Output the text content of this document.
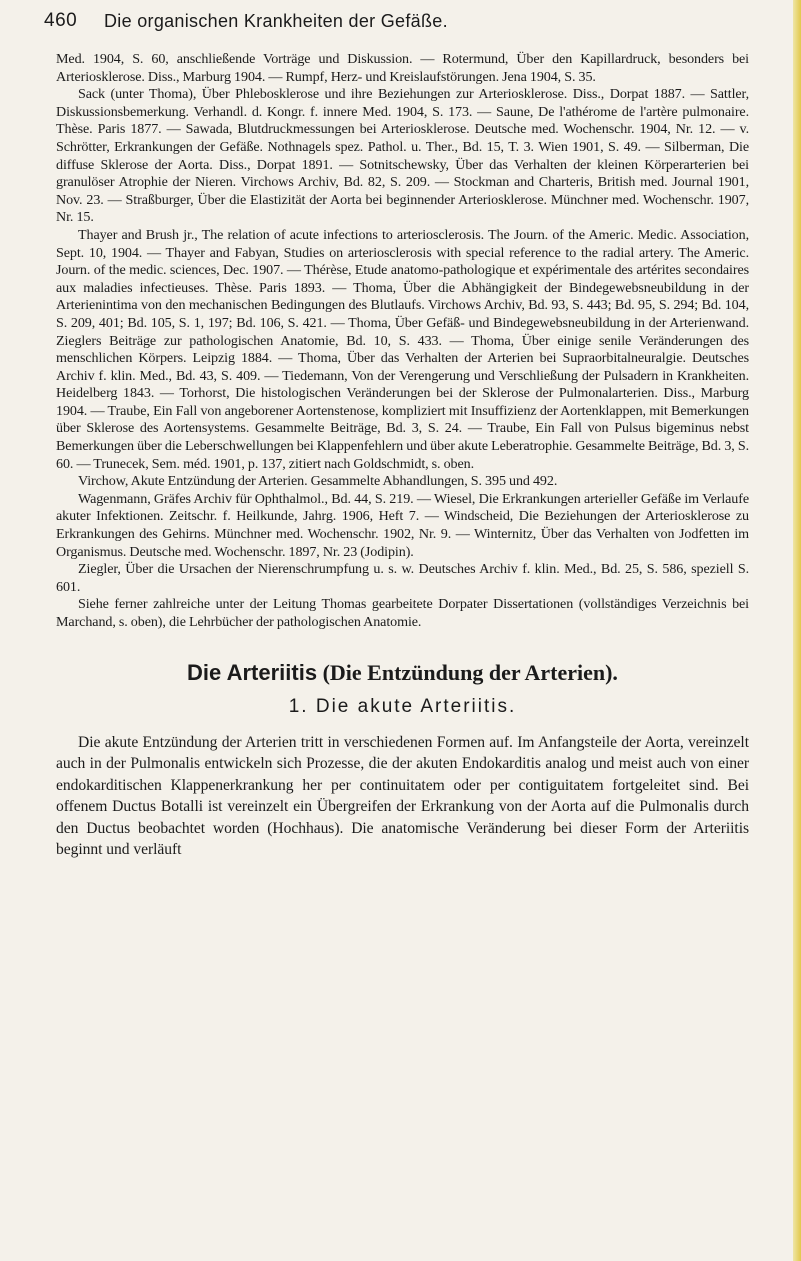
460 Die organischen Krankheiten der Gefäße.

Med. 1904, S. 60, anschließende Vorträge und Diskussion. — Rotermund, Über den Kapillardruck, besonders bei Arteriosklerose. Diss., Marburg 1904. — Rumpf, Herz- und Kreislaufstörungen. Jena 1904, S. 35.

Sack (unter Thoma), Über Phlebosklerose und ihre Beziehungen zur Arteriosklerose. Diss., Dorpat 1887. — Sattler, Diskussionsbemerkung. Verhandl. d. Kongr. f. innere Med. 1904, S. 173. — Saune, De l'athérome de l'artère pulmonaire. Thèse. Paris 1877. — Sawada, Blutdruckmessungen bei Arteriosklerose. Deutsche med. Wochenschr. 1904, Nr. 12. — v. Schrötter, Erkrankungen der Gefäße. Nothnagels spez. Pathol. u. Ther., Bd. 15, T. 3. Wien 1901, S. 49. — Silberman, Die diffuse Sklerose der Aorta. Diss., Dorpat 1891. — Sotnitschewsky, Über das Verhalten der kleinen Körperarterien bei granulöser Atrophie der Nieren. Virchows Archiv, Bd. 82, S. 209. — Stockman and Charteris, British med. Journal 1901, Nov. 23. — Straßburger, Über die Elastizität der Aorta bei beginnender Arteriosklerose. Münchner med. Wochenschr. 1907, Nr. 15.

Thayer and Brush jr., The relation of acute infections to arteriosclerosis. The Journ. of the Americ. Medic. Association, Sept. 10, 1904. — Thayer and Fabyan, Studies on arteriosclerosis with special reference to the radial artery. The Americ. Journ. of the medic. sciences, Dec. 1907. — Thérèse, Etude anatomo-pathologique et expérimentale des artérites secondaires aux maladies infectieuses. Thèse. Paris 1893. — Thoma, Über die Abhängigkeit der Bindegewebsneubildung in der Arterienintima von den mechanischen Bedingungen des Blutlaufs. Virchows Archiv, Bd. 93, S. 443; Bd. 95, S. 294; Bd. 104, S. 209, 401; Bd. 105, S. 1, 197; Bd. 106, S. 421. — Thoma, Über Gefäß- und Bindegewebsneubildung in der Arterienwand. Zieglers Beiträge zur pathologischen Anatomie, Bd. 10, S. 433. — Thoma, Über einige senile Veränderungen des menschlichen Körpers. Leipzig 1884. — Thoma, Über das Verhalten der Arterien bei Supraorbitalneuralgie. Deutsches Archiv f. klin. Med., Bd. 43, S. 409. — Tiedemann, Von der Verengerung und Verschließung der Pulsadern in Krankheiten. Heidelberg 1843. — Torhorst, Die histologischen Veränderungen bei der Sklerose der Pulmonalarterien. Diss., Marburg 1904. — Traube, Ein Fall von angeborener Aortenstenose, kompliziert mit Insuffizienz der Aortenklappen, mit Bemerkungen über Sklerose des Aortensystems. Gesammelte Beiträge, Bd. 3, S. 24. — Traube, Ein Fall von Pulsus bigeminus nebst Bemerkungen über die Leberschwellungen bei Klappenfehlern und über akute Leberatrophie. Gesammelte Beiträge, Bd. 3, S. 60. — Trunecek, Sem. méd. 1901, p. 137, zitiert nach Goldschmidt, s. oben.

Virchow, Akute Entzündung der Arterien. Gesammelte Abhandlungen, S. 395 und 492.

Wagenmann, Gräfes Archiv für Ophthalmol., Bd. 44, S. 219. — Wiesel, Die Erkrankungen arterieller Gefäße im Verlaufe akuter Infektionen. Zeitschr. f. Heilkunde, Jahrg. 1906, Heft 7. — Windscheid, Die Beziehungen der Arteriosklerose zu Erkrankungen des Gehirns. Münchner med. Wochenschr. 1902, Nr. 9. — Winternitz, Über das Verhalten von Jodfetten im Organismus. Deutsche med. Wochenschr. 1897, Nr. 23 (Jodipin).

Ziegler, Über die Ursachen der Nierenschrumpfung u. s. w. Deutsches Archiv f. klin. Med., Bd. 25, S. 586, speziell S. 601.

Siehe ferner zahlreiche unter der Leitung Thomas gearbeitete Dorpater Dissertationen (vollständiges Verzeichnis bei Marchand, s. oben), die Lehrbücher der pathologischen Anatomie.

Die Arteriitis (Die Entzündung der Arterien).
1. Die akute Arteriitis.

Die akute Entzündung der Arterien tritt in verschiedenen Formen auf. Im Anfangsteile der Aorta, vereinzelt auch in der Pulmonalis entwickeln sich Prozesse, die der akuten Endokarditis analog und meist auch von einer endokarditischen Klappenerkrankung her per continuitatem oder per contiguitatem fortgeleitet sind. Bei offenem Ductus Botalli ist vereinzelt ein Übergreifen der Erkrankung von der Aorta auf die Pulmonalis durch den Ductus beobachtet worden (Hochhaus). Die anatomische Veränderung bei dieser Form der Arteriitis beginnt und verläuft
